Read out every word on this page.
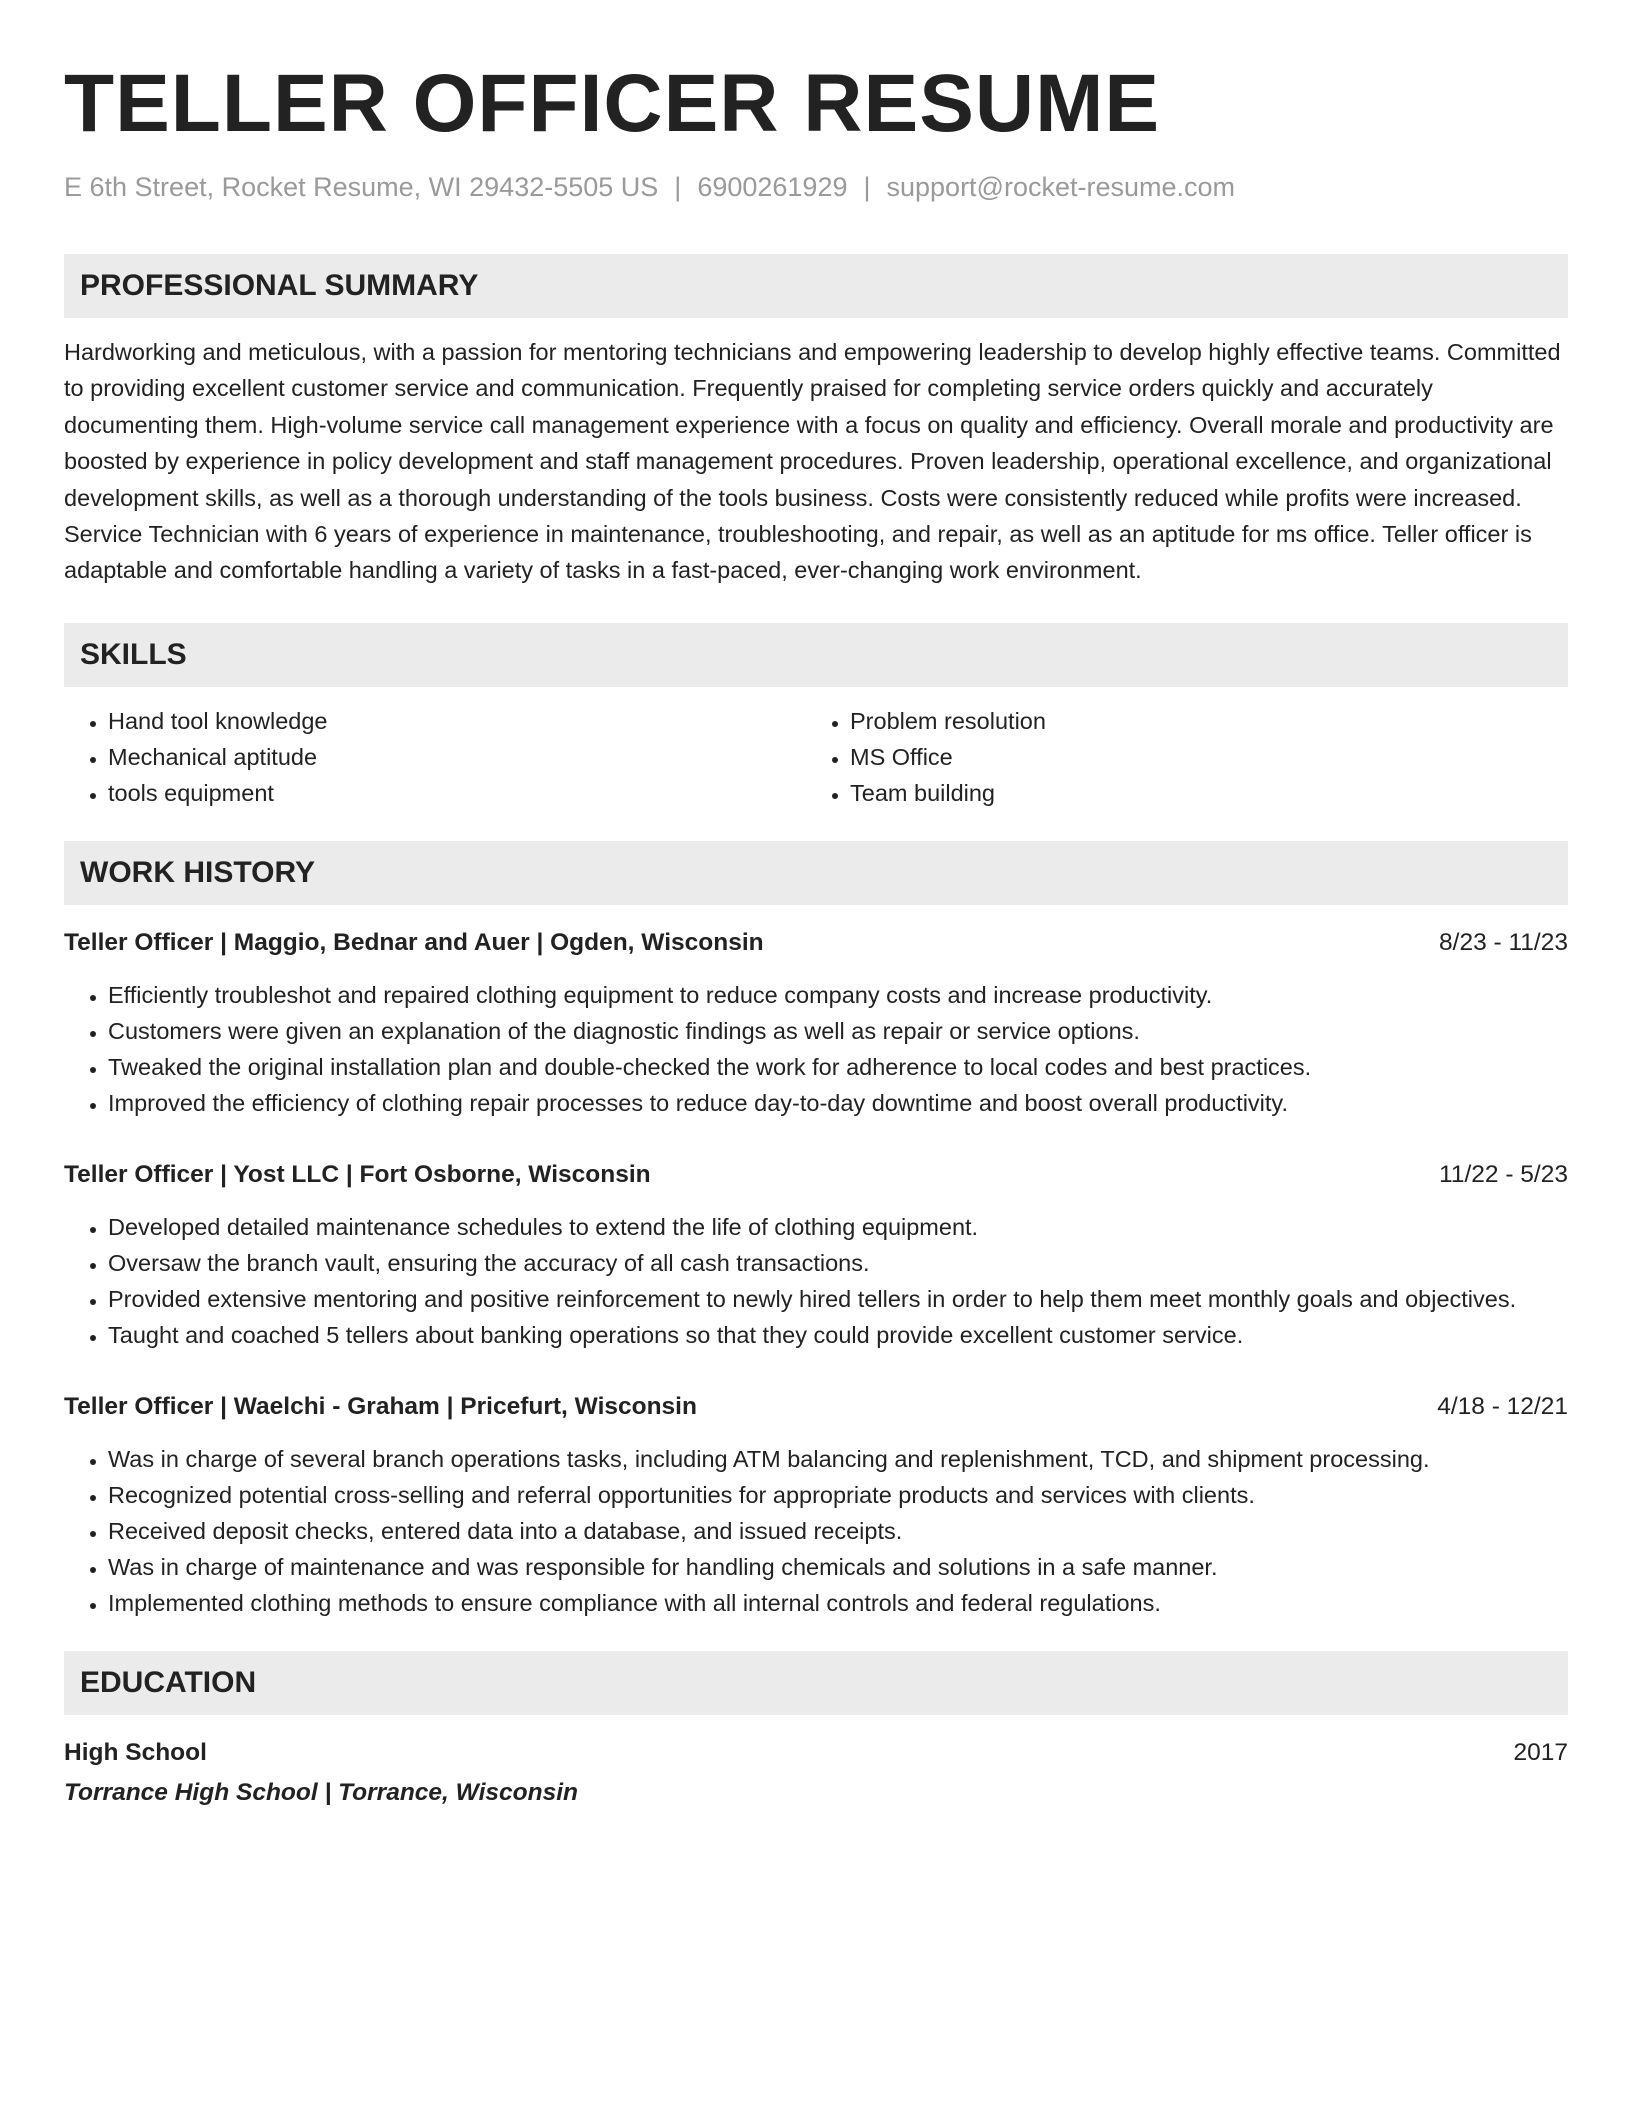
TELLER OFFICER RESUME
E 6th Street, Rocket Resume, WI 29432-5505 US | 6900261929 | support@rocket-resume.com
PROFESSIONAL SUMMARY

Hardworking and meticulous, with a passion for mentoring technicians and empowering leadership to develop highly effective teams. Committed to providing excellent customer service and communication. Frequently praised for completing service orders quickly and accurately documenting them. High-volume service call management experience with a focus on quality and efficiency. Overall morale and productivity are boosted by experience in policy development and staff management procedures. Proven leadership, operational excellence, and organizational development skills, as well as a thorough understanding of the tools business. Costs were consistently reduced while profits were increased. Service Technician with 6 years of experience in maintenance, troubleshooting, and repair, as well as an aptitude for ms office. Teller officer is adaptable and comfortable handling a variety of tasks in a fast-paced, ever-changing work environment.

SKILLS
• Hand tool knowledge
• Mechanical aptitude
• tools equipment
• Problem resolution
• MS Office
• Team building
WORK HISTORY
Teller Officer | Maggio, Bednar and Auer | Ogden, Wisconsin	8/23 - 11/23
• Efficiently troubleshot and repaired clothing equipment to reduce company costs and increase productivity.
• Customers were given an explanation of the diagnostic findings as well as repair or service options.
• Tweaked the original installation plan and double-checked the work for adherence to local codes and best practices.
• Improved the efficiency of clothing repair processes to reduce day-to-day downtime and boost overall productivity.
Teller Officer | Yost LLC | Fort Osborne, Wisconsin	11/22 - 5/23
• Developed detailed maintenance schedules to extend the life of clothing equipment.
• Oversaw the branch vault, ensuring the accuracy of all cash transactions.
• Provided extensive mentoring and positive reinforcement to newly hired tellers in order to help them meet monthly goals and objectives.
• Taught and coached 5 tellers about banking operations so that they could provide excellent customer service.
Teller Officer | Waelchi - Graham | Pricefurt, Wisconsin	4/18 - 12/21
• Was in charge of several branch operations tasks, including ATM balancing and replenishment, TCD, and shipment processing.
• Recognized potential cross-selling and referral opportunities for appropriate products and services with clients.
• Received deposit checks, entered data into a database, and issued receipts.
• Was in charge of maintenance and was responsible for handling chemicals and solutions in a safe manner.
• Implemented clothing methods to ensure compliance with all internal controls and federal regulations.
EDUCATION
High School	2017
Torrance High School | Torrance, Wisconsin
